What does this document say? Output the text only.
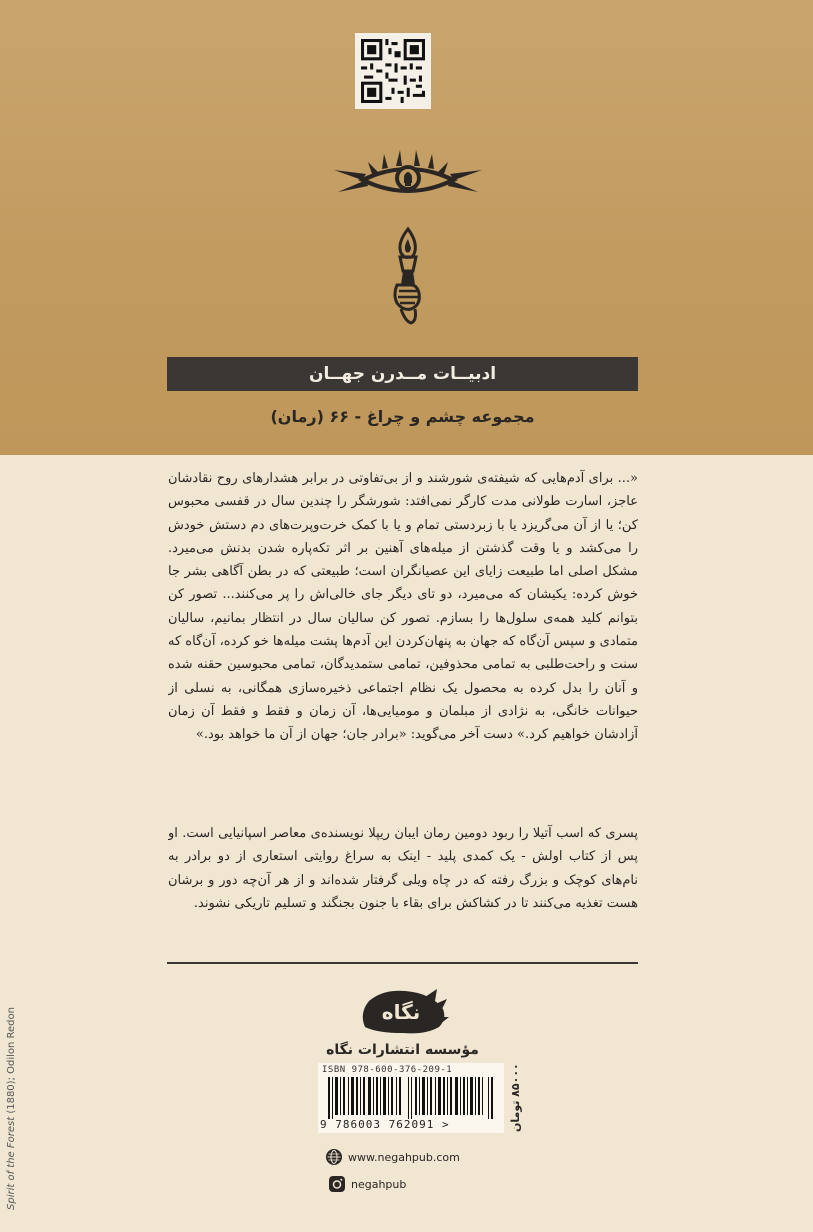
ادبیــات مــدرن جهــان
مجموعه چشم و چراغ - ۶۶ (رمان)

«... برای آدم‌هایی که شیفته‌ی شورشند و از بی‌تفاوتی در برابر هشدارهای روح نقادشان عاجز، اسارت طولانی مدت کارگر نمی‌افتد: شورشگر را چندین سال در قفسی محبوس کن؛ یا از آن می‌گریزد یا با زبردستی تمام و یا با کمک خرت‌وپرت‌های دم دستش خودش را می‌کشد و یا وقت گذشتن از میله‌های آهنین بر اثر تکه‌پاره شدن بدنش می‌میرد. مشکل اصلی اما طبیعت زایای این عصیانگران است؛ طبیعتی که در بطن آگاهی بشر جا خوش کرده: یکیشان که می‌میرد، دو تای دیگر جای خالی‌اش را پر می‌کنند... تصور کن بتوانم کلید همه‌ی سلول‌ها را بسازم. تصور کن سالیان سال در انتظار بمانیم، سالیان متمادی و سپس آن‌گاه که جهان به پنهان‌کردن این آدم‌ها پشت میله‌ها خو کرده، آن‌گاه که سنت و راحت‌طلبی به تمامی محذوفین، تمامی ستمدیدگان، تمامی محبوسین حقنه شده و آنان را بدل کرده به محصول یک نظام اجتماعی ذخیره‌سازی همگانی، به نسلی از حیوانات خانگی، به نژادی از مبلمان و مومیایی‌ها، آن زمان و فقط و فقط آن زمان آزادشان خواهیم کرد.» دست آخر می‌گوید: «برادر جان؛ جهان از آن ما خواهد بود.»

پسری که اسب آتیلا را ربود دومین رمان ایبان ریپلا نویسنده‌ی معاصر اسپانیایی است. او پس از کتاب اولش - یک کمدی پلید - اینک به سراغ روایتی استعاری از دو برادر به نام‌های کوچک و بزرگ رفته که در چاه ویلی گرفتار شده‌اند و از هر آن‌چه دور و برشان هست تغذیه می‌کنند تا در کشاکش برای بقاء با جنون بجنگند و تسلیم تاریکی نشوند.

نگاه
مؤسسه انتشارات نگاه
ISBN 978-600-376-209-1
9 786003 762091 >	۸۵۰۰۰ تومان
www.negahpub.com
negahpub
Spirit of the Forest (1880); Odilon Redon
